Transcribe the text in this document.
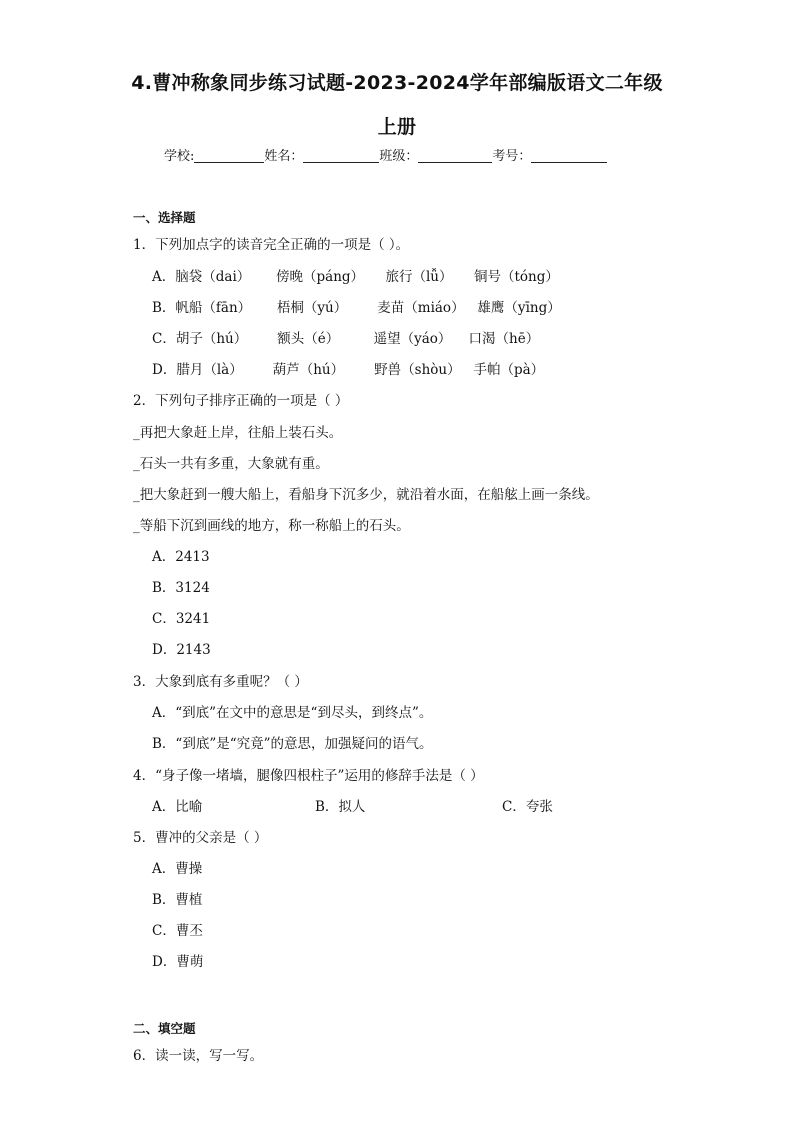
4.曹冲称象同步练习试题-2023-2024学年部编版语文二年级
上册
学校:	姓名：	班级：	考号：
一、选择题
1．下列加点字的读音完全正确的一项是（ ）。
A．脑袋（dai）      傍晚（páng）     旅行（lǚ）     铜号（tóng）
B．帆船（fān）      梧桐（yú）       麦苗（miáo）   雄鹰（yīng）
C．胡子（hú）       额头（é）        遥望（yáo）    口渴（hē）
D．腊月（là）       葫芦（hú）       野兽（shòu）   手帕（pà）
2．下列句子排序正确的一项是（ ）
_再把大象赶上岸，往船上装石头。
_石头一共有多重，大象就有重。
_把大象赶到一艘大船上，看船身下沉多少，就沿着水面，在船舷上画一条线。
_等船下沉到画线的地方，称一称船上的石头。
A．2413
B．3124
C．3241
D．2143
3．大象到底有多重呢？（ ）
A．“到底”在文中的意思是“到尽头，到终点”。
B．“到底”是“究竟”的意思，加强疑问的语气。
4．“身子像一堵墙，腿像四根柱子”运用的修辞手法是（ ）
A．比喻	B．拟人	C．夸张
5．曹冲的父亲是（ ）
A．曹操
B．曹植
C．曹丕
D．曹萌
二、填空题
6．读一读，写一写。
